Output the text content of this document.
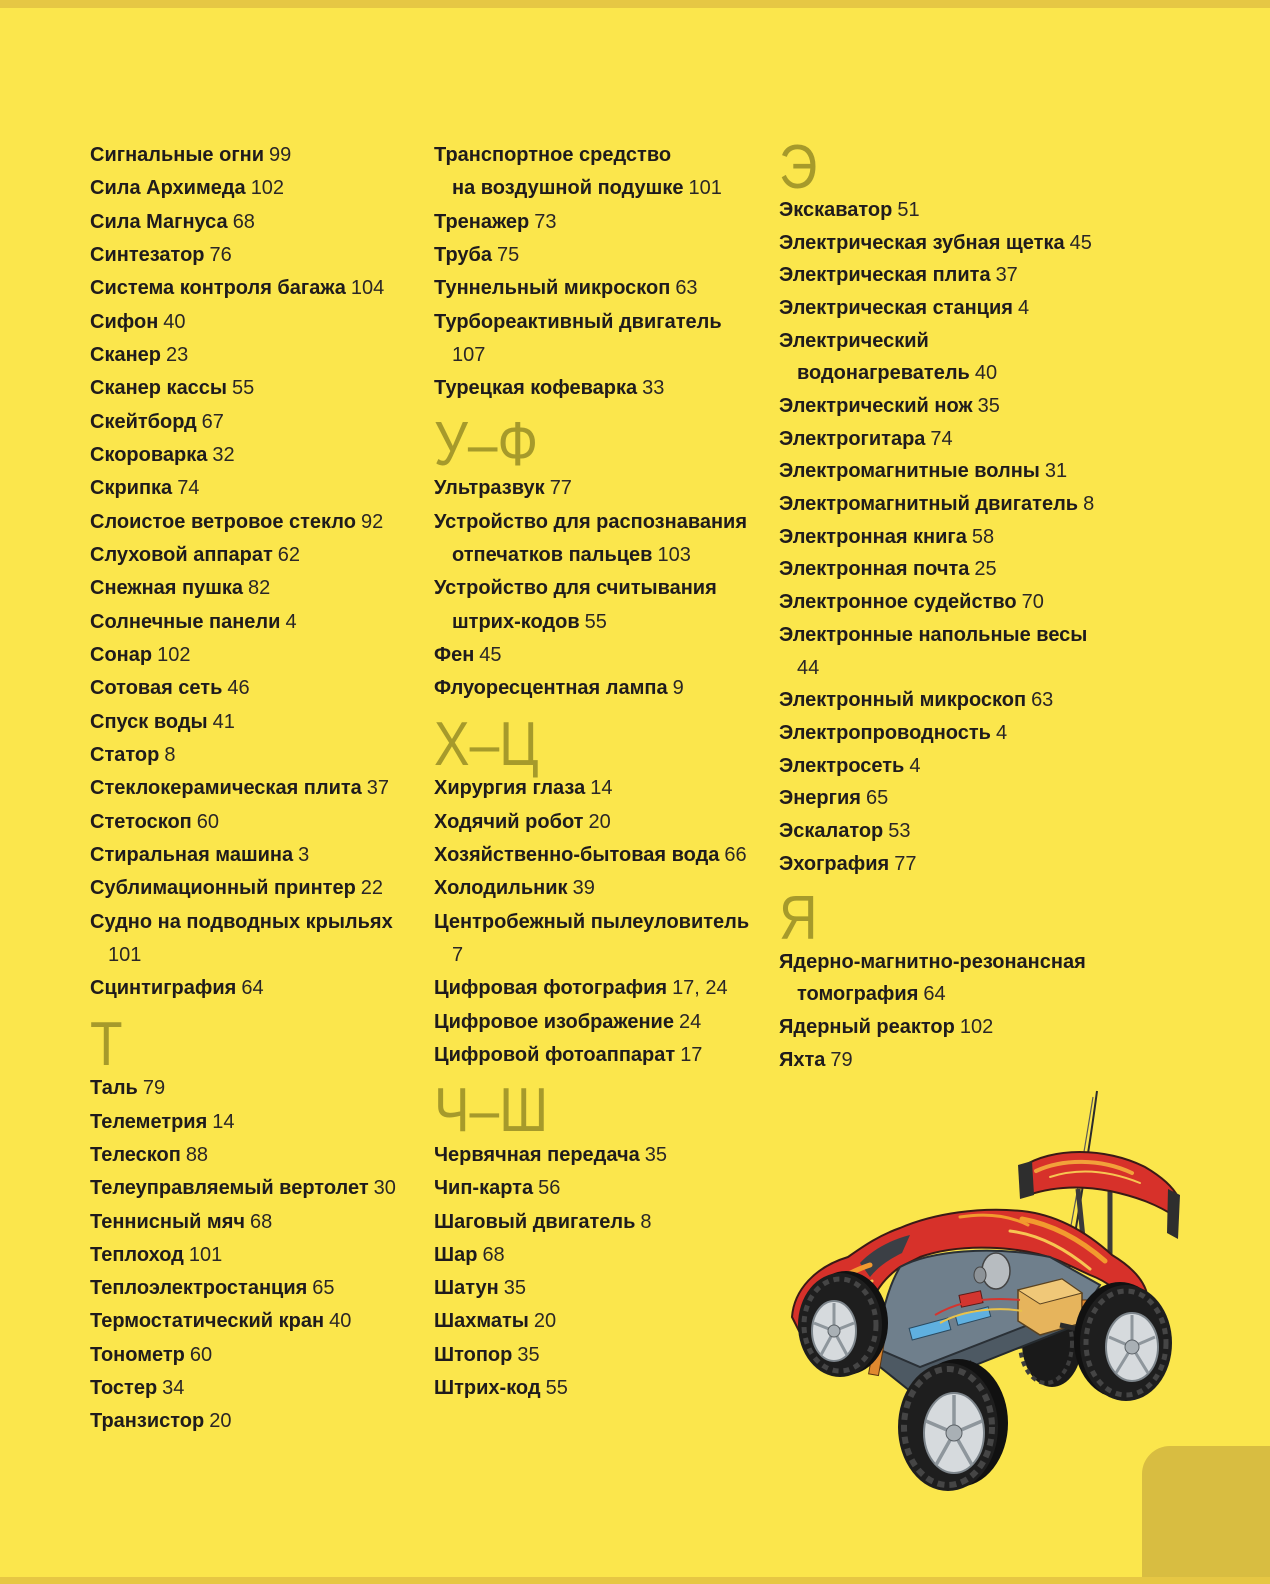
Сигнальные огни 99
Сила Архимеда 102
Сила Магнуса 68
Синтезатор 76
Система контроля багажа 104
Сифон 40
Сканер 23
Сканер кассы 55
Скейтборд 67
Скороварка 32
Скрипка 74
Слоистое ветровое стекло 92
Слуховой аппарат 62
Снежная пушка 82
Солнечные панели 4
Сонар 102
Сотовая сеть 46
Спуск воды 41
Статор 8
Стеклокерамическая плита 37
Стетоскоп 60
Стиральная машина 3
Сублимационный принтер 22
Судно на подводных крыльях
101
Сцинтиграфия 64
Т
Таль 79
Телеметрия 14
Телескоп 88
Телеуправляемый вертолет 30
Теннисный мяч 68
Теплоход 101
Теплоэлектростанция 65
Термостатический кран 40
Тонометр 60
Тостер 34
Транзистор 20
Транспортное средство
на воздушной подушке 101
Тренажер 73
Труба 75
Туннельный микроскоп 63
Турбореактивный двигатель
107
Турецкая кофеварка 33
У–Ф
Ультразвук 77
Устройство для распознавания
отпечатков пальцев 103
Устройство для считывания
штрих-кодов 55
Фен 45
Флуоресцентная лампа 9
Х–Ц
Хирургия глаза 14
Ходячий робот 20
Хозяйственно-бытовая вода 66
Холодильник 39
Центробежный пылеуловитель
7
Цифровая фотография 17, 24
Цифровое изображение 24
Цифровой фотоаппарат 17
Ч–Ш
Червячная передача 35
Чип-карта 56
Шаговый двигатель 8
Шар 68
Шатун 35
Шахматы 20
Штопор 35
Штрих-код 55
Э
Экскаватор 51
Электрическая зубная щетка 45
Электрическая плита 37
Электрическая станция 4
Электрический
водонагреватель 40
Электрический нож 35
Электрогитара 74
Электромагнитные волны 31
Электромагнитный двигатель 8
Электронная книга 58
Электронная почта 25
Электронное судейство 70
Электронные напольные весы
44
Электронный микроскоп 63
Электропроводность 4
Электросеть 4
Энергия 65
Эскалатор 53
Эхография 77
Я
Ядерно-магнитно-резонансная
томография 64
Ядерный реактор 102
Яхта 79
